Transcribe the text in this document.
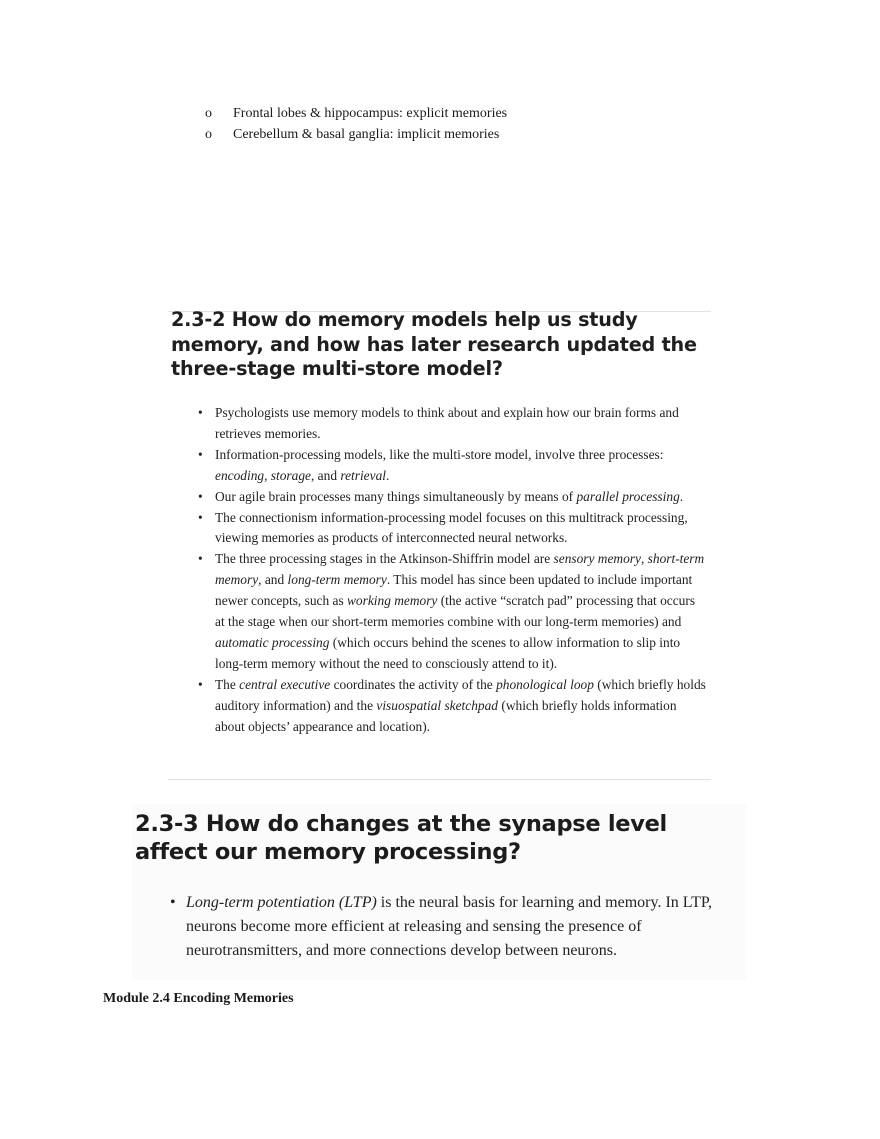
o Frontal lobes & hippocampus: explicit memories
o Cerebellum & basal ganglia: implicit memories
2.3-2 How do memory models help us study memory, and how has later research updated the three-stage multi-store model?
• Psychologists use memory models to think about and explain how our brain forms and retrieves memories.
• Information-processing models, like the multi-store model, involve three processes: encoding, storage, and retrieval.
• Our agile brain processes many things simultaneously by means of parallel processing.
• The connectionism information-processing model focuses on this multitrack processing, viewing memories as products of interconnected neural networks.
• The three processing stages in the Atkinson-Shiffrin model are sensory memory, short-term memory, and long-term memory. This model has since been updated to include important newer concepts, such as working memory (the active “scratch pad” processing that occurs at the stage when our short-term memories combine with our long-term memories) and automatic processing (which occurs behind the scenes to allow information to slip into long-term memory without the need to consciously attend to it).
• The central executive coordinates the activity of the phonological loop (which briefly holds auditory information) and the visuospatial sketchpad (which briefly holds information about objects’ appearance and location).
2.3-3 How do changes at the synapse level affect our memory processing?
• Long-term potentiation (LTP) is the neural basis for learning and memory. In LTP, neurons become more efficient at releasing and sensing the presence of neurotransmitters, and more connections develop between neurons.
Module 2.4 Encoding Memories
